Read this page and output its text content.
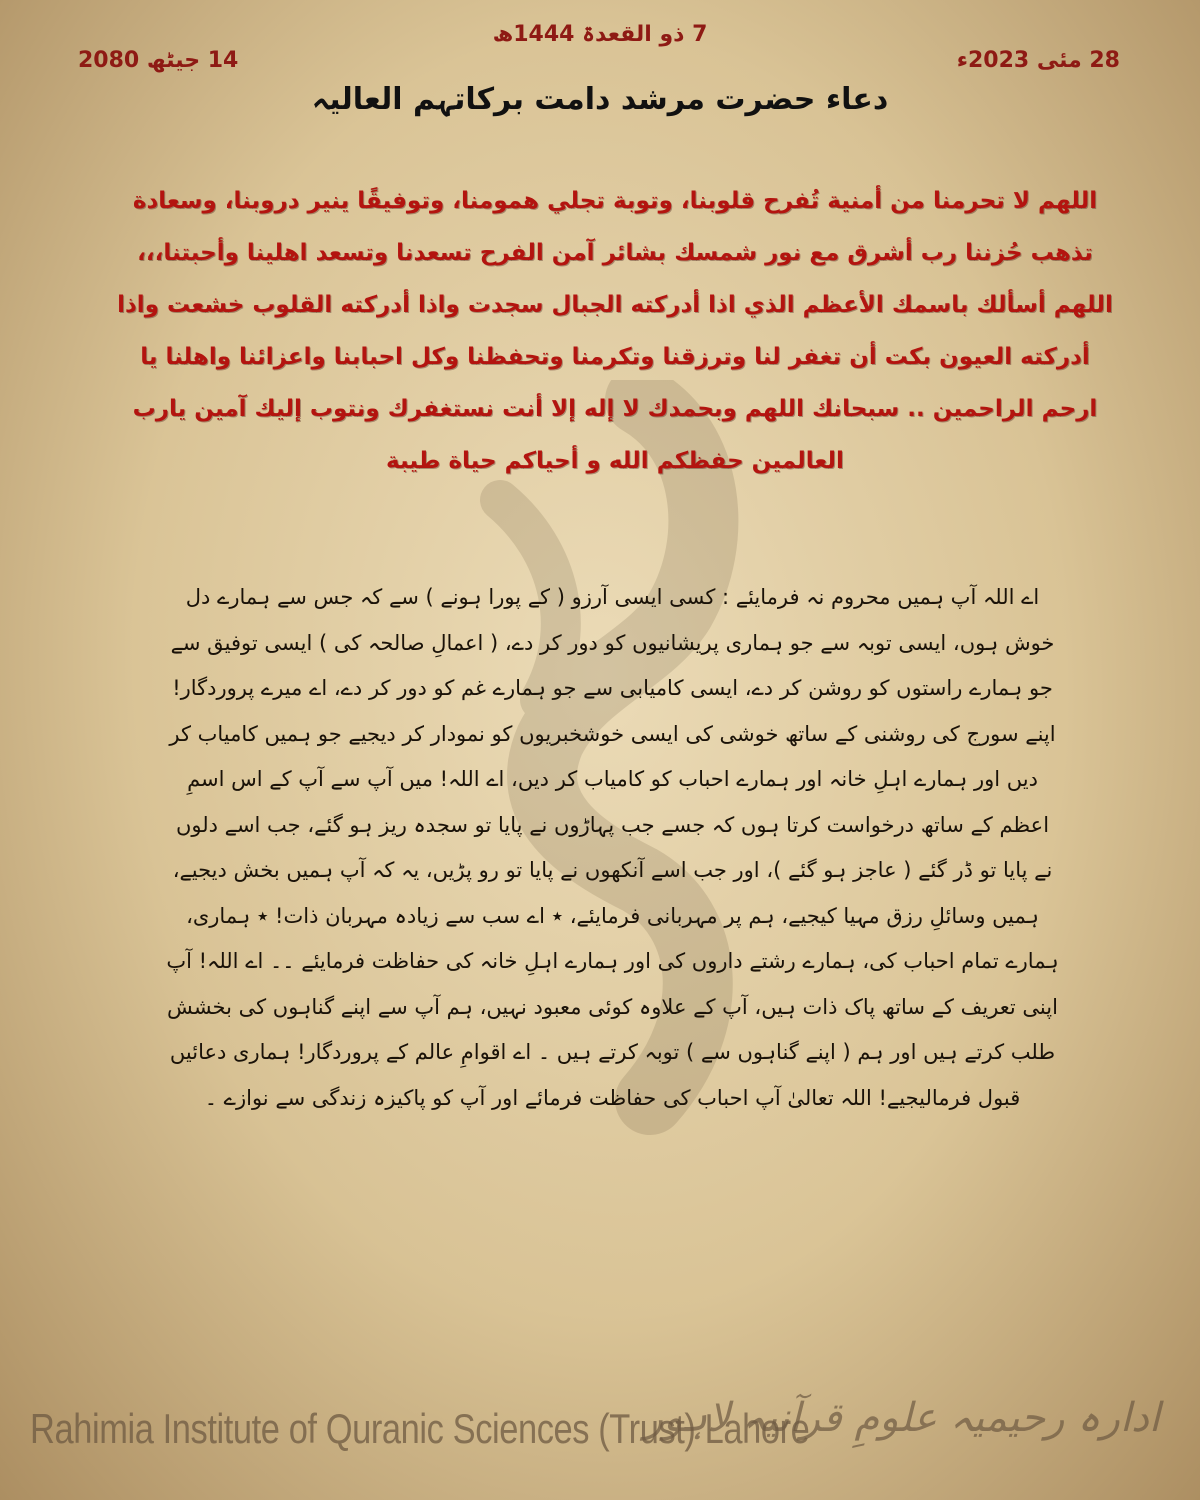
7 ذو القعدۃ 1444ھ
28 مئی 2023ء
14 جیٹھ 2080
دعاء حضرت مرشد دامت برکاتہم العالیہ
اللهم لا تحرمنا من أمنية تُفرح قلوبنا، وتوبة تجلي همومنا، وتوفيقًا ينير دروبنا، وسعادة تذهب حُزننا رب أشرق مع نور شمسك بشائر آمن الفرح تسعدنا وتسعد اهلينا وأحبتنا،،، اللهم أسألك باسمك الأعظم الذي اذا أدركته الجبال سجدت واذا أدركته القلوب خشعت واذا أدركته العيون بكت أن تغفر لنا وترزقنا وتكرمنا وتحفظنا وكل احبابنا واعزائنا واهلنا يا ارحم الراحمين .. سبحانك اللهم وبحمدك لا إله إلا أنت نستغفرك ونتوب إليك آمين يارب العالمين حفظكم الله و أحياكم حياة طيبة
اے اللہ آپ ہمیں محروم نہ فرمایئے : کسی ایسی آرزو ( کے پورا ہونے ) سے کہ جس سے ہمارے دل خوش ہوں، ایسی توبہ سے جو ہماری پریشانیوں کو دور کر دے، ( اعمالِ صالحہ کی ) ایسی توفیق سے جو ہمارے راستوں کو روشن کر دے، ایسی کامیابی سے جو ہمارے غم کو دور کر دے، اے میرے پروردگار! اپنے سورج کی روشنی کے ساتھ خوشی کی ایسی خوشخبریوں کو نمودار کر دیجیے جو ہمیں کامیاب کر دیں اور ہمارے اہلِ خانہ اور ہمارے احباب کو کامیاب کر دیں، اے اللہ! میں آپ سے آپ کے اس اسمِ اعظم کے ساتھ درخواست کرتا ہوں کہ جسے جب پہاڑوں نے پایا تو سجدہ ریز ہو گئے، جب اسے دلوں نے پایا تو ڈر گئے ( عاجز ہو گئے )، اور جب اسے آنکھوں نے پایا تو رو پڑیں، یہ کہ آپ ہمیں بخش دیجیے، ہمیں وسائلِ رزق مہیا کیجیے، ہم پر مہربانی فرمایئے، ٭ اے سب سے زیادہ مہربان ذات! ٭ ہماری، ہمارے تمام احباب کی، ہمارے رشتے داروں کی اور ہمارے اہلِ خانہ کی حفاظت فرمایئے ۔۔ اے اللہ! آپ اپنی تعریف کے ساتھ پاک ذات ہیں، آپ کے علاوہ کوئی معبود نہیں، ہم آپ سے اپنے گناہوں کی بخشش طلب کرتے ہیں اور ہم ( اپنے گناہوں سے ) توبہ کرتے ہیں ۔ اے اقوامِ عالم کے پروردگار! ہماری دعائیں قبول فرمالیجیے! اللہ تعالیٰ آپ احباب کی حفاظت فرمائے اور آپ کو پاکیزہ زندگی سے نوازے ۔
Rahimia Institute of Quranic Sciences (Trust) Lahore
ادارہ رحیمیہ علومِ قرآنیہ لاہور
